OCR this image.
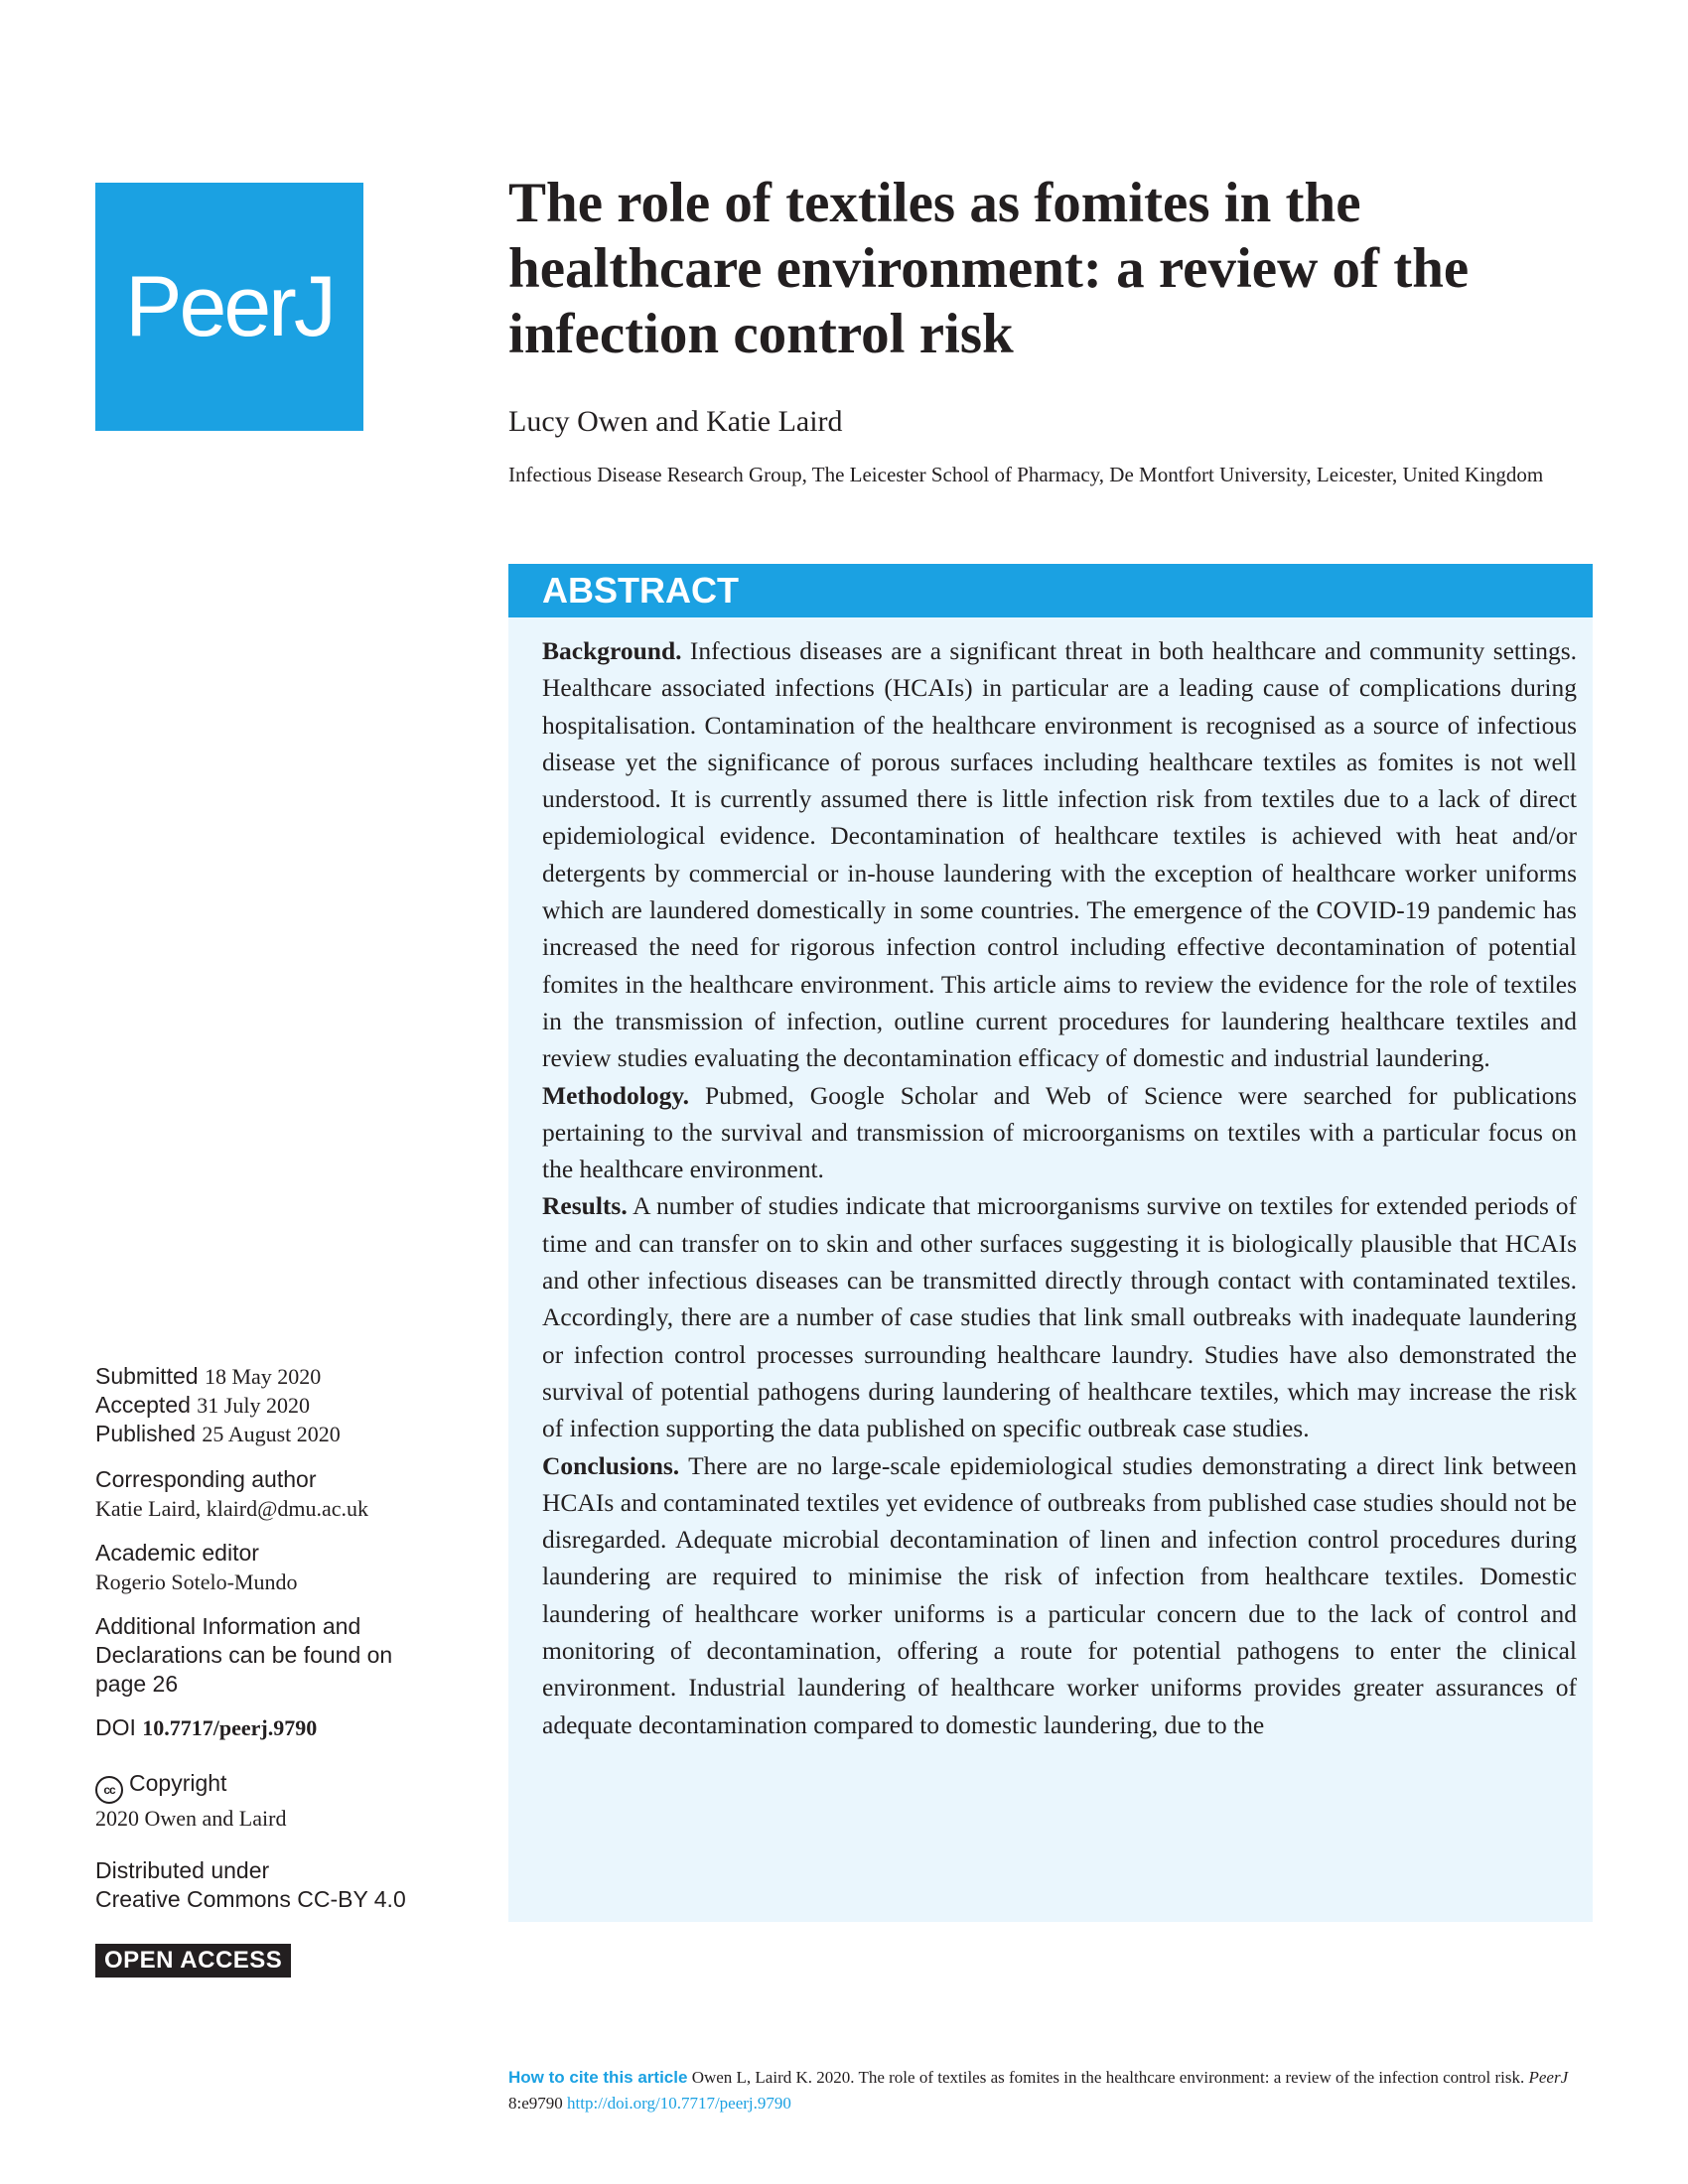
PeerJ
The role of textiles as fomites in the healthcare environment: a review of the infection control risk
Lucy Owen and Katie Laird
Infectious Disease Research Group, The Leicester School of Pharmacy, De Montfort University, Leicester, United Kingdom
ABSTRACT

Background. Infectious diseases are a significant threat in both healthcare and community settings. Healthcare associated infections (HCAIs) in particular are a leading cause of complications during hospitalisation. Contamination of the healthcare environment is recognised as a source of infectious disease yet the significance of porous surfaces including healthcare textiles as fomites is not well understood. It is currently assumed there is little infection risk from textiles due to a lack of direct epidemiological evidence. Decontamination of healthcare textiles is achieved with heat and/or detergents by commercial or in-house laundering with the exception of healthcare worker uniforms which are laundered domestically in some countries. The emergence of the COVID-19 pandemic has increased the need for rigorous infection control including effective decontamination of potential fomites in the healthcare environment. This article aims to review the evidence for the role of textiles in the transmission of infection, outline current procedures for laundering healthcare textiles and review studies evaluating the decontamination efficacy of domestic and industrial laundering.

Methodology. Pubmed, Google Scholar and Web of Science were searched for publications pertaining to the survival and transmission of microorganisms on textiles with a particular focus on the healthcare environment.

Results. A number of studies indicate that microorganisms survive on textiles for extended periods of time and can transfer on to skin and other surfaces suggesting it is biologically plausible that HCAIs and other infectious diseases can be transmitted directly through contact with contaminated textiles. Accordingly, there are a number of case studies that link small outbreaks with inadequate laundering or infection control processes surrounding healthcare laundry. Studies have also demonstrated the survival of potential pathogens during laundering of healthcare textiles, which may increase the risk of infection supporting the data published on specific outbreak case studies.

Conclusions. There are no large-scale epidemiological studies demonstrating a direct link between HCAIs and contaminated textiles yet evidence of outbreaks from published case studies should not be disregarded. Adequate microbial decontamination of linen and infection control procedures during laundering are required to minimise the risk of infection from healthcare textiles. Domestic laundering of healthcare worker uniforms is a particular concern due to the lack of control and monitoring of decontamination, offering a route for potential pathogens to enter the clinical environment. Industrial laundering of healthcare worker uniforms provides greater assurances of adequate decontamination compared to domestic laundering, due to the

Submitted 18 May 2020
Accepted 31 July 2020
Published 25 August 2020
Corresponding author
Katie Laird, klaird@dmu.ac.uk
Academic editor
Rogerio Sotelo-Mundo
Additional Information and Declarations can be found on page 26
DOI 10.7717/peerj.9790
cc Copyright
2020 Owen and Laird
Distributed under
Creative Commons CC-BY 4.0
OPEN ACCESS
How to cite this article Owen L, Laird K. 2020. The role of textiles as fomites in the healthcare environment: a review of the infection control risk. PeerJ 8:e9790 http://doi.org/10.7717/peerj.9790
